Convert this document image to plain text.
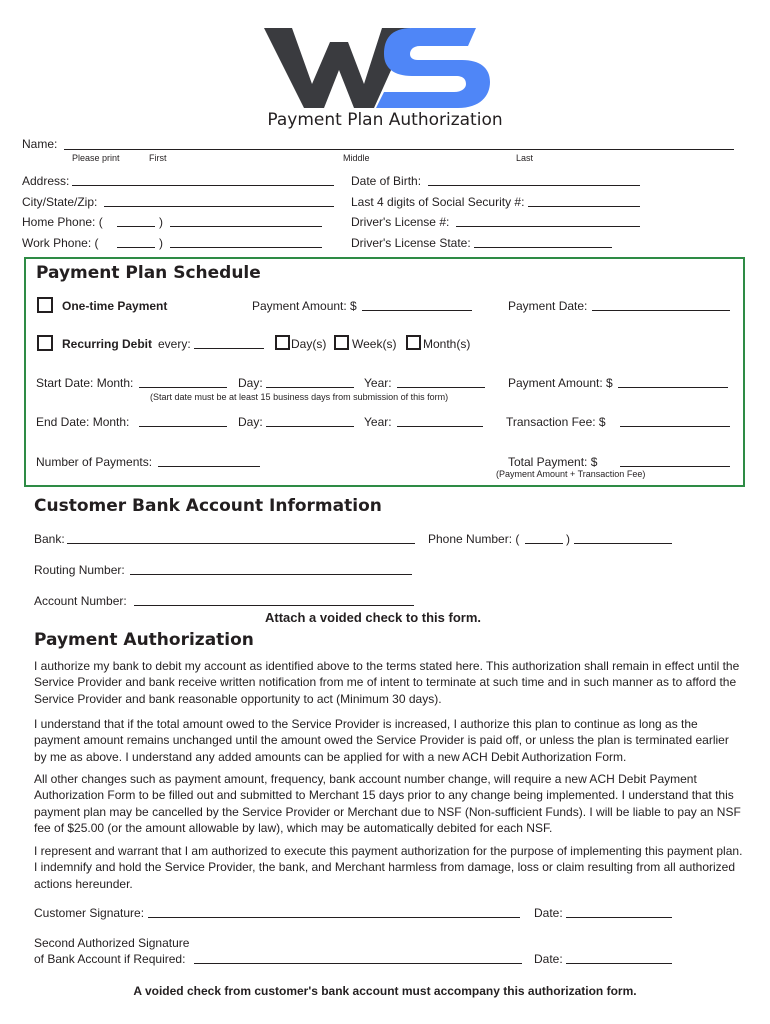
Payment Plan Authorization
Name:
Please print	First	Middle	Last
Address:
City/State/Zip:
Home Phone: (	)
Work Phone: (	)
Date of Birth:
Last 4 digits of Social Security #:
Driver's License #:
Driver's License State:
Payment Plan Schedule
One-time Payment	Payment Amount: $	Payment Date:
Recurring Debit every:	Day(s) Week(s) Month(s)
Start Date: Month:	Day:	Year:	Payment Amount: $
(Start date must be at least 15 business days from submission of this form)
End Date: Month:	Day:	Year:	Transaction Fee: $
Number of Payments:	Total Payment: $
(Payment Amount + Transaction Fee)
Customer Bank Account Information
Bank:	Phone Number: (	)
Routing Number:
Account Number:
Attach a voided check to this form.
Payment Authorization
I authorize my bank to debit my account as identified above to the terms stated here. This authorization shall remain in effect until the Service Provider and bank receive written notification from me of intent to terminate at such time and in such manner as to afford the Service Provider and bank reasonable opportunity to act (Minimum 30 days).
I understand that if the total amount owed to the Service Provider is increased, I authorize this plan to continue as long as the payment amount remains unchanged until the amount owed the Service Provider is paid off, or unless the plan is terminated earlier by me as above. I understand any added amounts can be applied for with a new ACH Debit Authorization Form.
All other changes such as payment amount, frequency, bank account number change, will require a new ACH Debit Payment Authorization Form to be filled out and submitted to Merchant 15 days prior to any change being implemented. I understand that this payment plan may be cancelled by the Service Provider or Merchant due to NSF (Non-sufficient Funds). I will be liable to pay an NSF fee of $25.00 (or the amount allowable by law), which may be automatically debited for each NSF.
I represent and warrant that I am authorized to execute this payment authorization for the purpose of implementing this payment plan. I indemnify and hold the Service Provider, the bank, and Merchant harmless from damage, loss or claim resulting from all authorized actions hereunder.
Customer Signature:	Date:
Second Authorized Signature
of Bank Account if Required:	Date:
A voided check from customer's bank account must accompany this authorization form.
